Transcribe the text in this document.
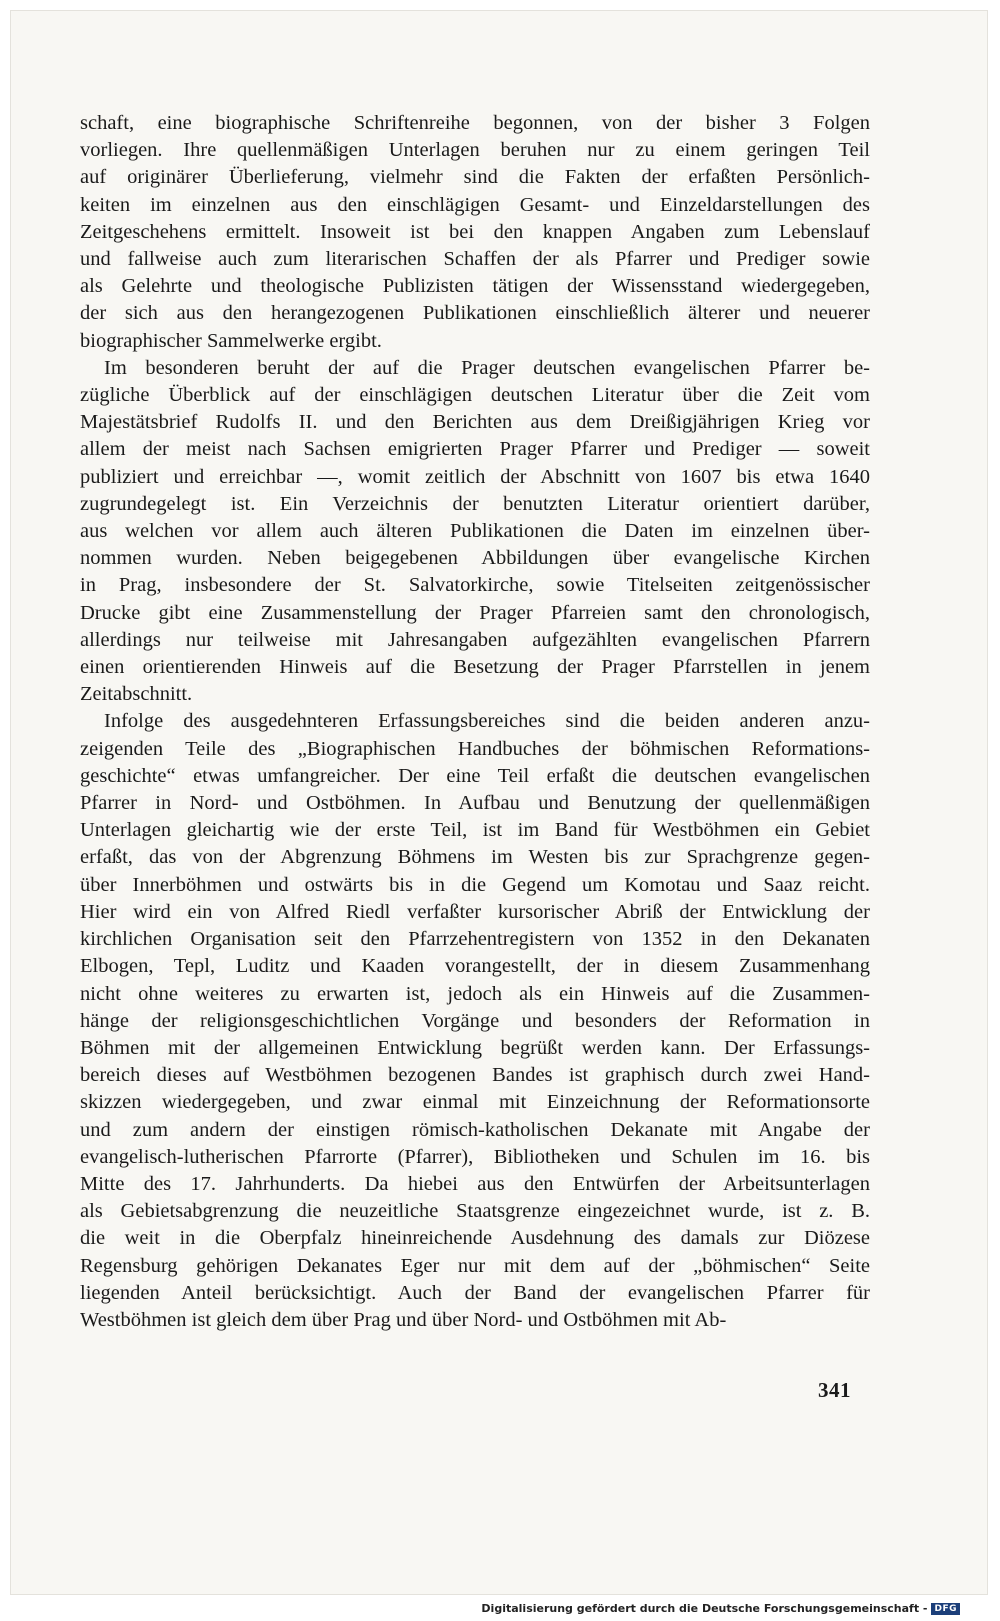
schaft, eine biographische Schriftenreihe begonnen, von der bisher 3 Folgen
vorliegen. Ihre quellenmäßigen Unterlagen beruhen nur zu einem geringen Teil
auf originärer Überlieferung, vielmehr sind die Fakten der erfaßten Persönlich-
keiten im einzelnen aus den einschlägigen Gesamt- und Einzeldarstellungen des
Zeitgeschehens ermittelt. Insoweit ist bei den knappen Angaben zum Lebenslauf
und fallweise auch zum literarischen Schaffen der als Pfarrer und Prediger sowie
als Gelehrte und theologische Publizisten tätigen der Wissensstand wiedergegeben,
der sich aus den herangezogenen Publikationen einschließlich älterer und neuerer
biographischer Sammelwerke ergibt.

Im besonderen beruht der auf die Prager deutschen evangelischen Pfarrer be-
zügliche Überblick auf der einschlägigen deutschen Literatur über die Zeit vom
Majestätsbrief Rudolfs II. und den Berichten aus dem Dreißigjährigen Krieg vor
allem der meist nach Sachsen emigrierten Prager Pfarrer und Prediger — soweit
publiziert und erreichbar —, womit zeitlich der Abschnitt von 1607 bis etwa 1640
zugrundegelegt ist. Ein Verzeichnis der benutzten Literatur orientiert darüber,
aus welchen vor allem auch älteren Publikationen die Daten im einzelnen über-
nommen wurden. Neben beigegebenen Abbildungen über evangelische Kirchen
in Prag, insbesondere der St. Salvatorkirche, sowie Titelseiten zeitgenössischer
Drucke gibt eine Zusammenstellung der Prager Pfarreien samt den chronologisch,
allerdings nur teilweise mit Jahresangaben aufgezählten evangelischen Pfarrern
einen orientierenden Hinweis auf die Besetzung der Prager Pfarrstellen in jenem
Zeitabschnitt.

Infolge des ausgedehnteren Erfassungsbereiches sind die beiden anderen anzu-
zeigenden Teile des „Biographischen Handbuches der böhmischen Reformations-
geschichte“ etwas umfangreicher. Der eine Teil erfaßt die deutschen evangelischen
Pfarrer in Nord- und Ostböhmen. In Aufbau und Benutzung der quellenmäßigen
Unterlagen gleichartig wie der erste Teil, ist im Band für Westböhmen ein Gebiet
erfaßt, das von der Abgrenzung Böhmens im Westen bis zur Sprachgrenze gegen-
über Innerböhmen und ostwärts bis in die Gegend um Komotau und Saaz reicht.
Hier wird ein von Alfred Riedl verfaßter kursorischer Abriß der Entwicklung der
kirchlichen Organisation seit den Pfarrzehentregistern von 1352 in den Dekanaten
Elbogen, Tepl, Luditz und Kaaden vorangestellt, der in diesem Zusammenhang
nicht ohne weiteres zu erwarten ist, jedoch als ein Hinweis auf die Zusammen-
hänge der religionsgeschichtlichen Vorgänge und besonders der Reformation in
Böhmen mit der allgemeinen Entwicklung begrüßt werden kann. Der Erfassungs-
bereich dieses auf Westböhmen bezogenen Bandes ist graphisch durch zwei Hand-
skizzen wiedergegeben, und zwar einmal mit Einzeichnung der Reformationsorte
und zum andern der einstigen römisch-katholischen Dekanate mit Angabe der
evangelisch-lutherischen Pfarrorte (Pfarrer), Bibliotheken und Schulen im 16. bis
Mitte des 17. Jahrhunderts. Da hiebei aus den Entwürfen der Arbeitsunterlagen
als Gebietsabgrenzung die neuzeitliche Staatsgrenze eingezeichnet wurde, ist z. B.
die weit in die Oberpfalz hineinreichende Ausdehnung des damals zur Diözese
Regensburg gehörigen Dekanates Eger nur mit dem auf der „böhmischen“ Seite
liegenden Anteil berücksichtigt. Auch der Band der evangelischen Pfarrer für
Westböhmen ist gleich dem über Prag und über Nord- und Ostböhmen mit Ab-

341
Digitalisierung gefördert durch die Deutsche Forschungsgemeinschaft - DFG
